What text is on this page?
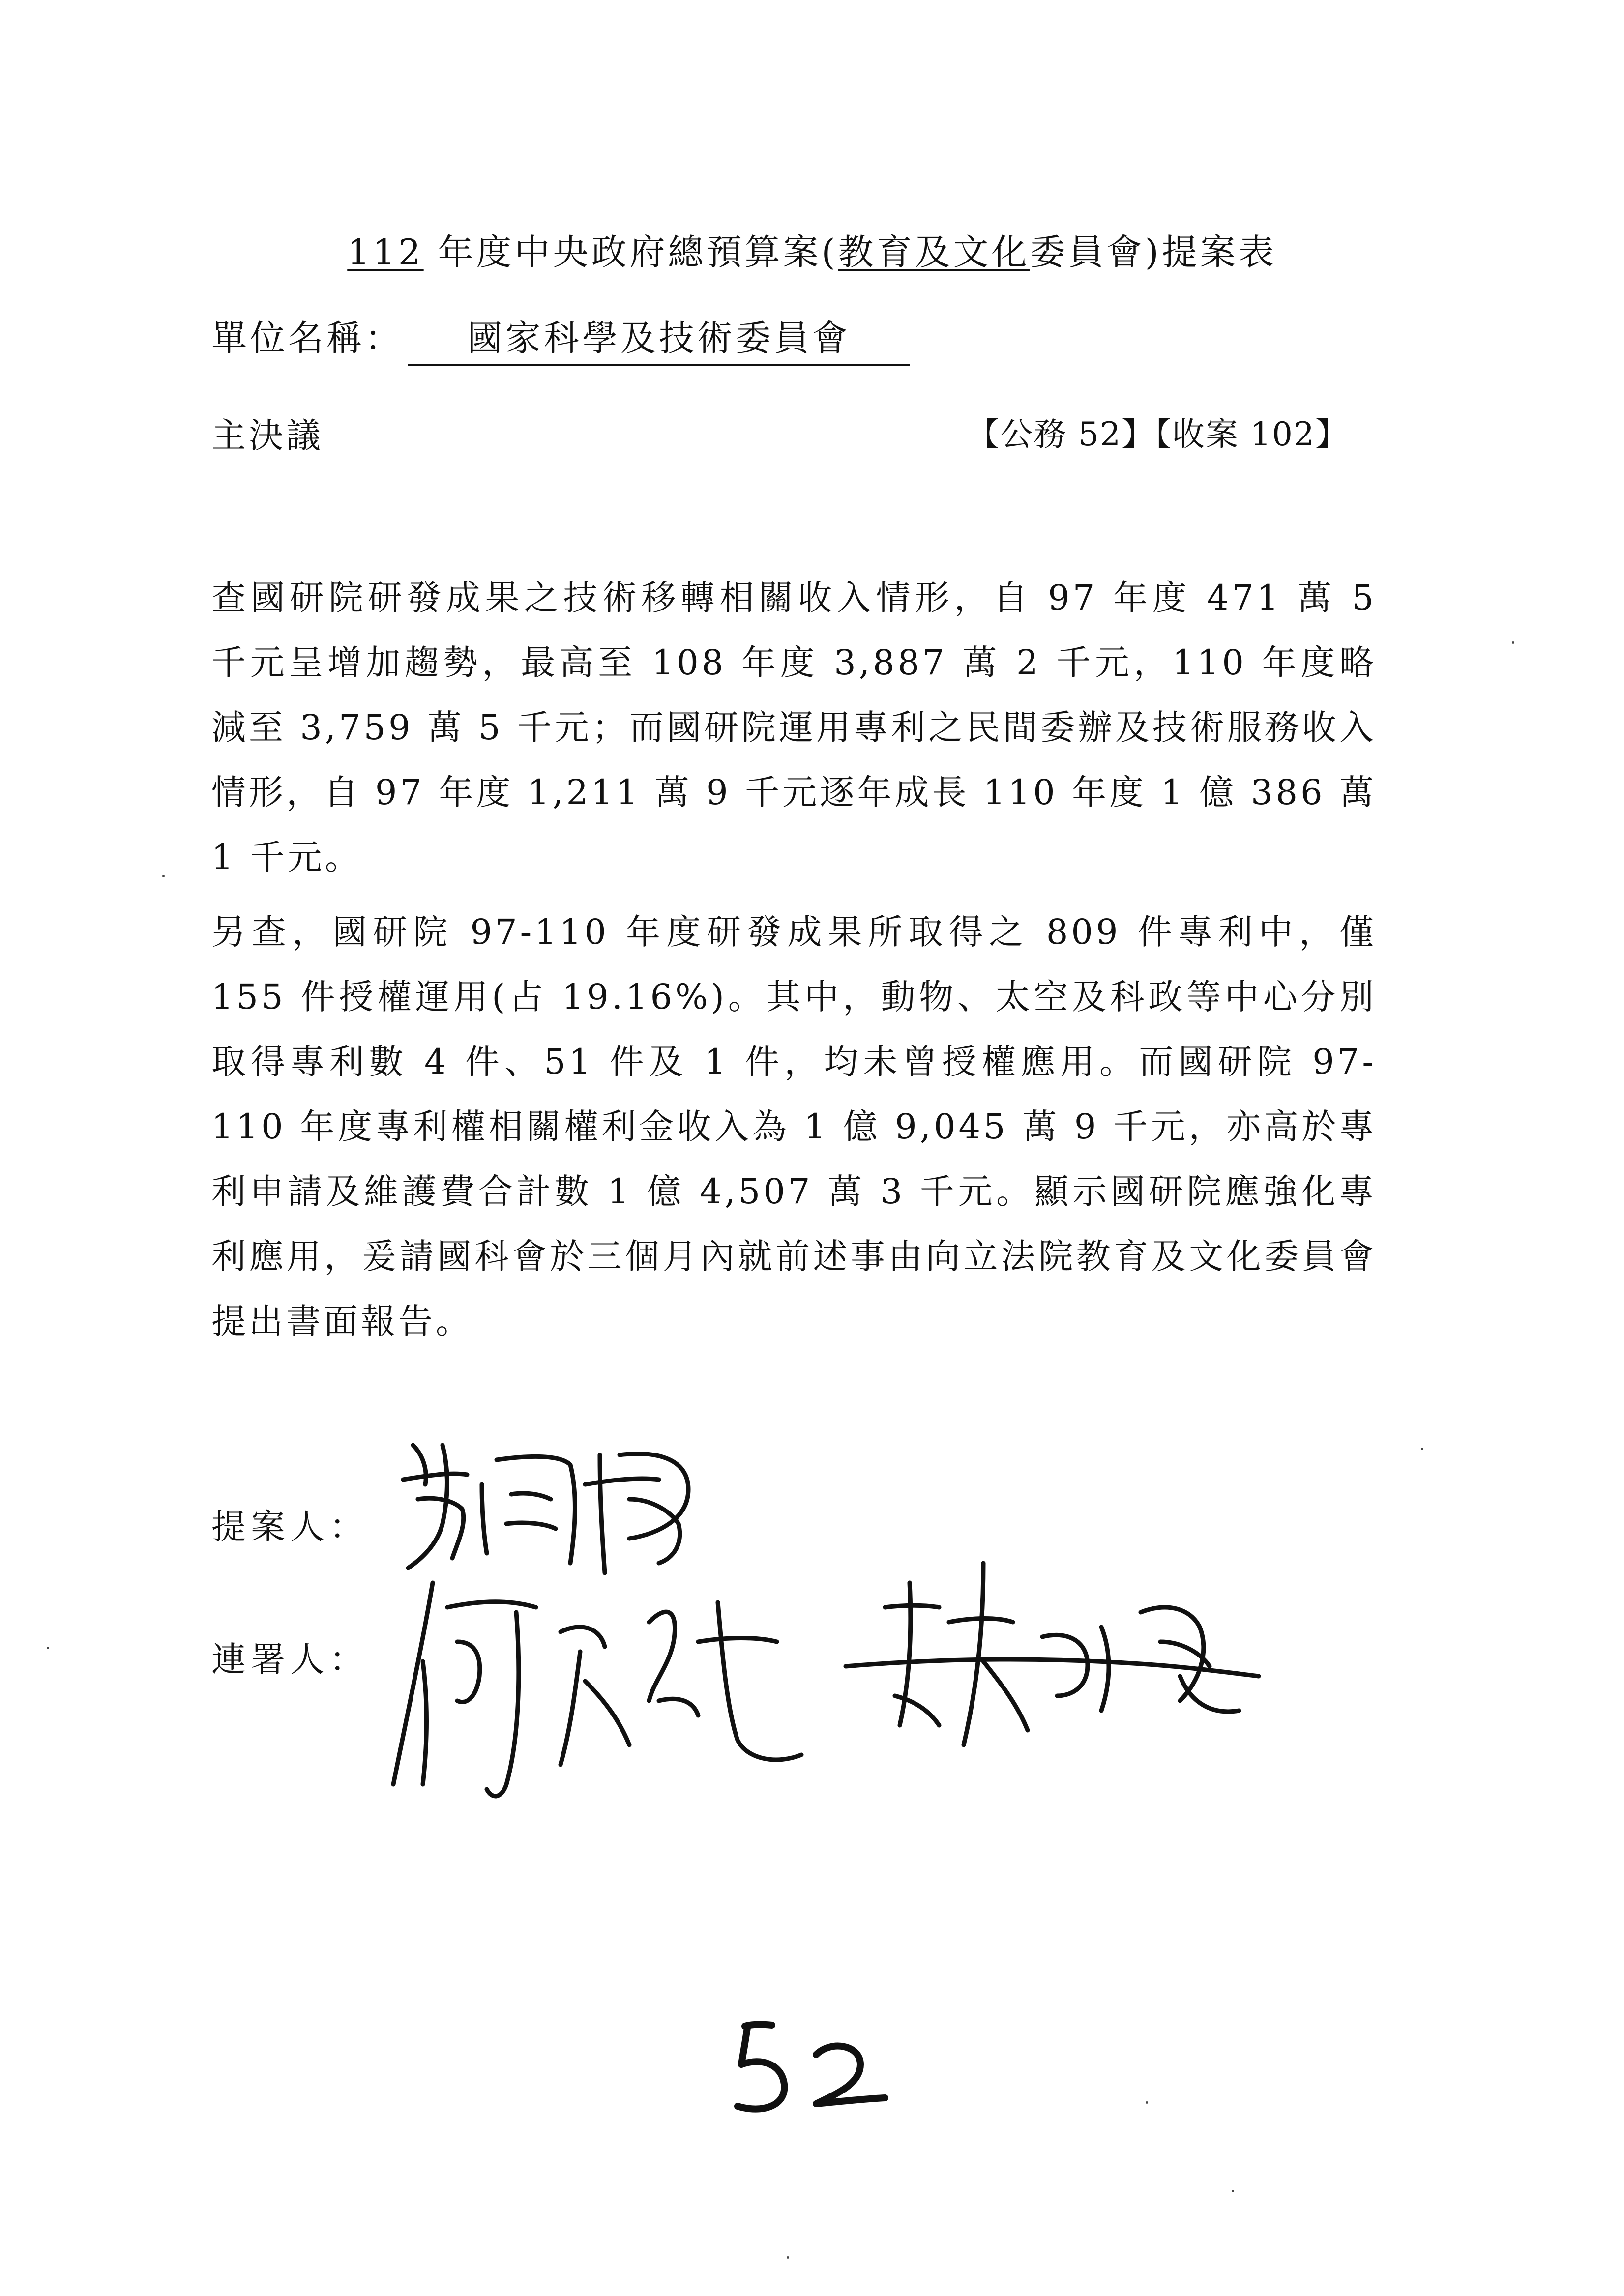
112 年度中央政府總預算案(教育及文化委員會)提案表
單位名稱： 國家科學及技術委員會
主決議	【公務 52】【收案 102】
查國研院研發成果之技術移轉相關收入情形，自 97 年度 471 萬 5 千元呈增加趨勢，最高至 108 年度 3,887 萬 2 千元，110 年度略減至 3,759 萬 5 千元；而國研院運用專利之民間委辦及技術服務收入情形，自 97 年度 1,211 萬 9 千元逐年成長 110 年度 1 億 386 萬 1 千元。
另查，國研院 97-110 年度研發成果所取得之 809 件專利中，僅 155 件授權運用(占 19.16%)。其中，動物、太空及科政等中心分別取得專利數 4 件、51 件及 1 件，均未曾授權應用。而國研院 97-110 年度專利權相關權利金收入為 1 億 9,045 萬 9 千元，亦高於專利申請及維護費合計數 1 億 4,507 萬 3 千元。顯示國研院應強化專利應用，爰請國科會於三個月內就前述事由向立法院教育及文化委員會提出書面報告。
提案人：
連署人：
